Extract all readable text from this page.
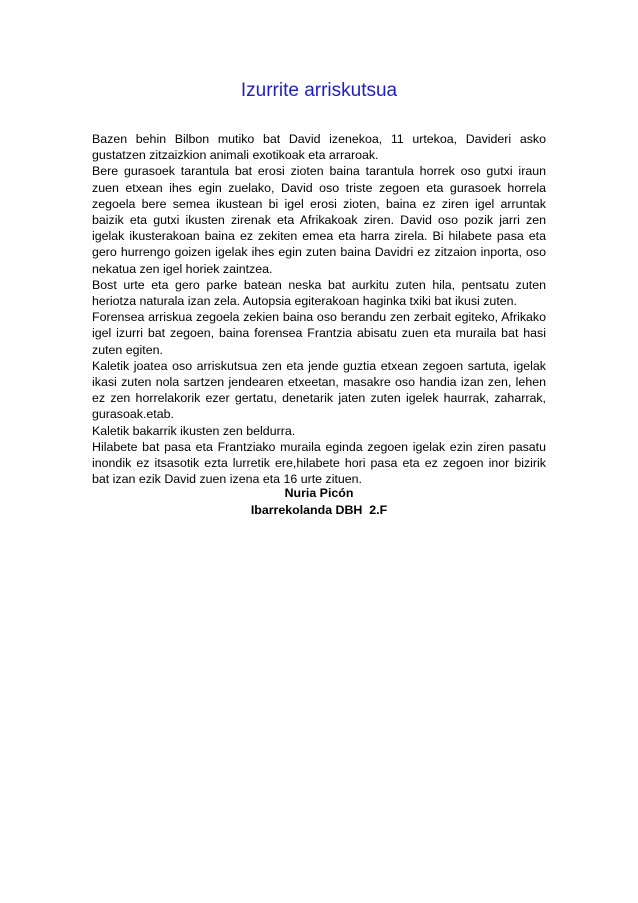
Izurrite arriskutsua

Bazen behin Bilbon mutiko bat David izenekoa, 11 urtekoa, Davideri asko gustatzen zitzaizkion animali exotikoak eta arraroak.

Bere gurasoek tarantula bat erosi zioten baina tarantula horrek oso gutxi iraun zuen etxean ihes egin zuelako, David oso triste zegoen eta gurasoek horrela zegoela bere semea ikustean bi igel erosi zioten, baina ez ziren igel arruntak baizik eta gutxi ikusten zirenak eta Afrikakoak ziren. David oso pozik jarri zen igelak ikusterakoan baina ez zekiten emea eta harra zirela. Bi hilabete pasa eta gero hurrengo goizen igelak ihes egin zuten baina Davidri ez zitzaion inporta, oso nekatua zen igel horiek zaintzea.

Bost urte eta gero parke batean neska bat aurkitu zuten hila, pentsatu zuten heriotza naturala izan zela. Autopsia egiterakoan haginka txiki bat ikusi zuten.

Forensea arriskua zegoela zekien baina oso berandu zen zerbait egiteko, Afrikako igel izurri bat zegoen, baina forensea Frantzia abisatu zuen eta muraila bat hasi zuten egiten.

Kaletik joatea oso arriskutsua zen eta jende guztia etxean zegoen sartuta, igelak ikasi zuten nola sartzen jendearen etxeetan, masakre oso handia izan zen, lehen ez zen horrelakorik ezer gertatu, denetarik jaten zuten igelek haurrak, zaharrak, gurasoak.etab.

Kaletik bakarrik ikusten zen beldurra.

Hilabete bat pasa eta Frantziako muraila eginda zegoen igelak ezin ziren pasatu inondik ez itsasotik ezta lurretik ere,hilabete hori pasa eta ez zegoen inor bizirik bat izan ezik David zuen izena eta 16 urte zituen.

Nuria Picón
Ibarrekolanda DBH  2.F
